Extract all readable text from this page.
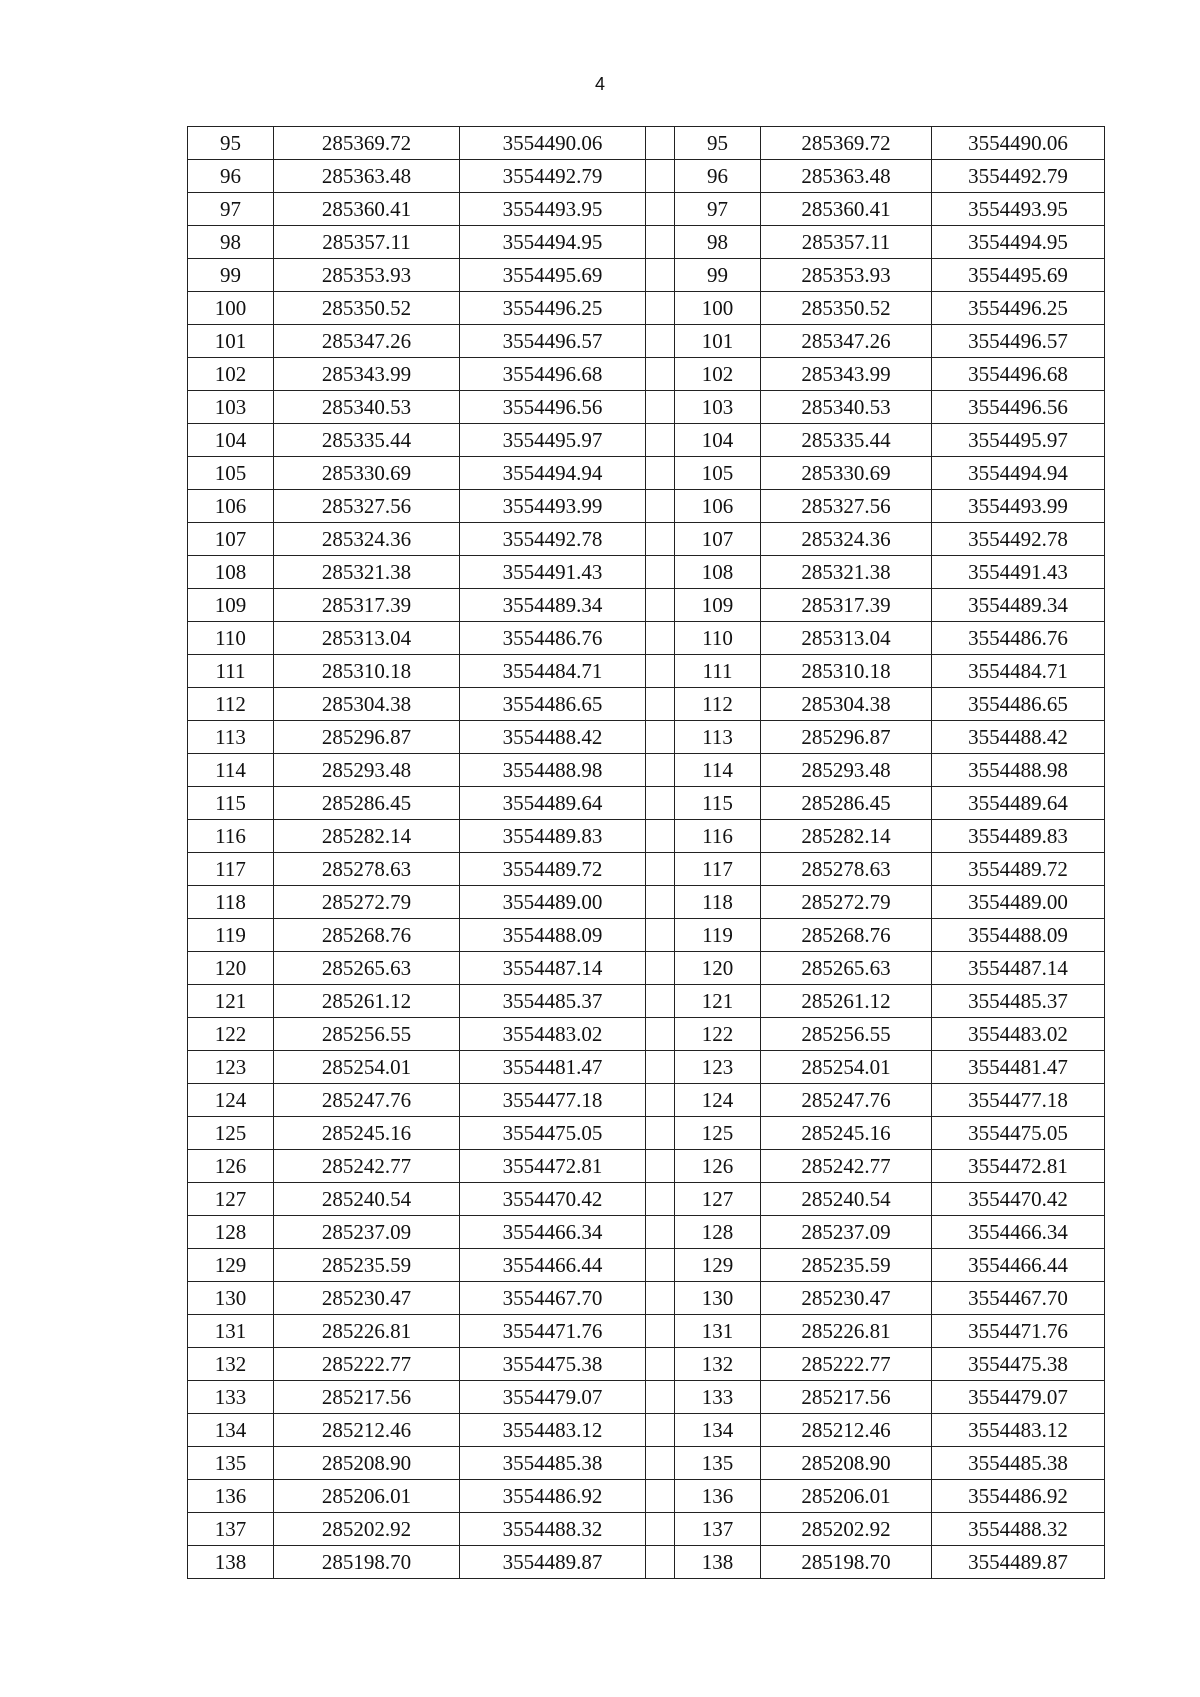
4
95	285369.72	3554490.06		95	285369.72	3554490.06
96	285363.48	3554492.79		96	285363.48	3554492.79
97	285360.41	3554493.95		97	285360.41	3554493.95
98	285357.11	3554494.95		98	285357.11	3554494.95
99	285353.93	3554495.69		99	285353.93	3554495.69
100	285350.52	3554496.25		100	285350.52	3554496.25
101	285347.26	3554496.57		101	285347.26	3554496.57
102	285343.99	3554496.68		102	285343.99	3554496.68
103	285340.53	3554496.56		103	285340.53	3554496.56
104	285335.44	3554495.97		104	285335.44	3554495.97
105	285330.69	3554494.94		105	285330.69	3554494.94
106	285327.56	3554493.99		106	285327.56	3554493.99
107	285324.36	3554492.78		107	285324.36	3554492.78
108	285321.38	3554491.43		108	285321.38	3554491.43
109	285317.39	3554489.34		109	285317.39	3554489.34
110	285313.04	3554486.76		110	285313.04	3554486.76
111	285310.18	3554484.71		111	285310.18	3554484.71
112	285304.38	3554486.65		112	285304.38	3554486.65
113	285296.87	3554488.42		113	285296.87	3554488.42
114	285293.48	3554488.98		114	285293.48	3554488.98
115	285286.45	3554489.64		115	285286.45	3554489.64
116	285282.14	3554489.83		116	285282.14	3554489.83
117	285278.63	3554489.72		117	285278.63	3554489.72
118	285272.79	3554489.00		118	285272.79	3554489.00
119	285268.76	3554488.09		119	285268.76	3554488.09
120	285265.63	3554487.14		120	285265.63	3554487.14
121	285261.12	3554485.37		121	285261.12	3554485.37
122	285256.55	3554483.02		122	285256.55	3554483.02
123	285254.01	3554481.47		123	285254.01	3554481.47
124	285247.76	3554477.18		124	285247.76	3554477.18
125	285245.16	3554475.05		125	285245.16	3554475.05
126	285242.77	3554472.81		126	285242.77	3554472.81
127	285240.54	3554470.42		127	285240.54	3554470.42
128	285237.09	3554466.34		128	285237.09	3554466.34
129	285235.59	3554466.44		129	285235.59	3554466.44
130	285230.47	3554467.70		130	285230.47	3554467.70
131	285226.81	3554471.76		131	285226.81	3554471.76
132	285222.77	3554475.38		132	285222.77	3554475.38
133	285217.56	3554479.07		133	285217.56	3554479.07
134	285212.46	3554483.12		134	285212.46	3554483.12
135	285208.90	3554485.38		135	285208.90	3554485.38
136	285206.01	3554486.92		136	285206.01	3554486.92
137	285202.92	3554488.32		137	285202.92	3554488.32
138	285198.70	3554489.87		138	285198.70	3554489.87
